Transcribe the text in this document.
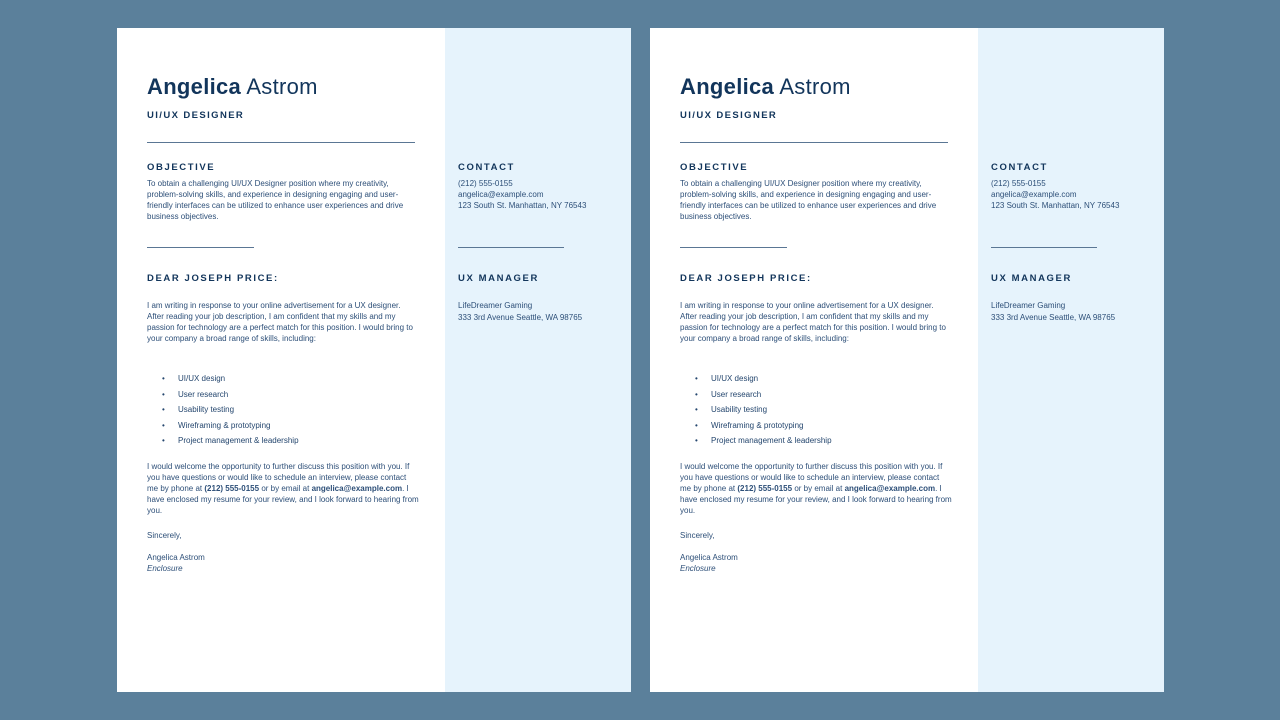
CONTACT
(212) 555-0155
angelica@example.com
123 South St. Manhattan, NY 76543
UX MANAGER
LifeDreamer Gaming
333 3rd Avenue Seattle, WA 98765
Angelica Astrom
UI/UX DESIGNER
OBJECTIVE
To obtain a challenging UI/UX Designer position where my creativity, problem-solving skills, and experience in designing engaging and user-friendly interfaces can be utilized to enhance user experiences and drive business objectives.
DEAR JOSEPH PRICE:
I am writing in response to your online advertisement for a UX designer. After reading your job description, I am confident that my skills and my passion for technology are a perfect match for this position. I would bring to your company a broad range of skills, including:
• UI/UX design
• User research
• Usability testing
• Wireframing & prototyping
• Project management & leadership
I would welcome the opportunity to further discuss this position with you. If you have questions or would like to schedule an interview, please contact me by phone at (212) 555-0155 or by email at angelica@example.com. I have enclosed my resume for your review, and I look forward to hearing from you.
Sincerely,
Angelica Astrom
Enclosure
CONTACT
(212) 555-0155
angelica@example.com
123 South St. Manhattan, NY 76543
UX MANAGER
LifeDreamer Gaming
333 3rd Avenue Seattle, WA 98765
Angelica Astrom
UI/UX DESIGNER
OBJECTIVE
To obtain a challenging UI/UX Designer position where my creativity, problem-solving skills, and experience in designing engaging and user-friendly interfaces can be utilized to enhance user experiences and drive business objectives.
DEAR JOSEPH PRICE:
I am writing in response to your online advertisement for a UX designer. After reading your job description, I am confident that my skills and my passion for technology are a perfect match for this position. I would bring to your company a broad range of skills, including:
• UI/UX design
• User research
• Usability testing
• Wireframing & prototyping
• Project management & leadership
I would welcome the opportunity to further discuss this position with you. If you have questions or would like to schedule an interview, please contact me by phone at (212) 555-0155 or by email at angelica@example.com. I have enclosed my resume for your review, and I look forward to hearing from you.
Sincerely,
Angelica Astrom
Enclosure
